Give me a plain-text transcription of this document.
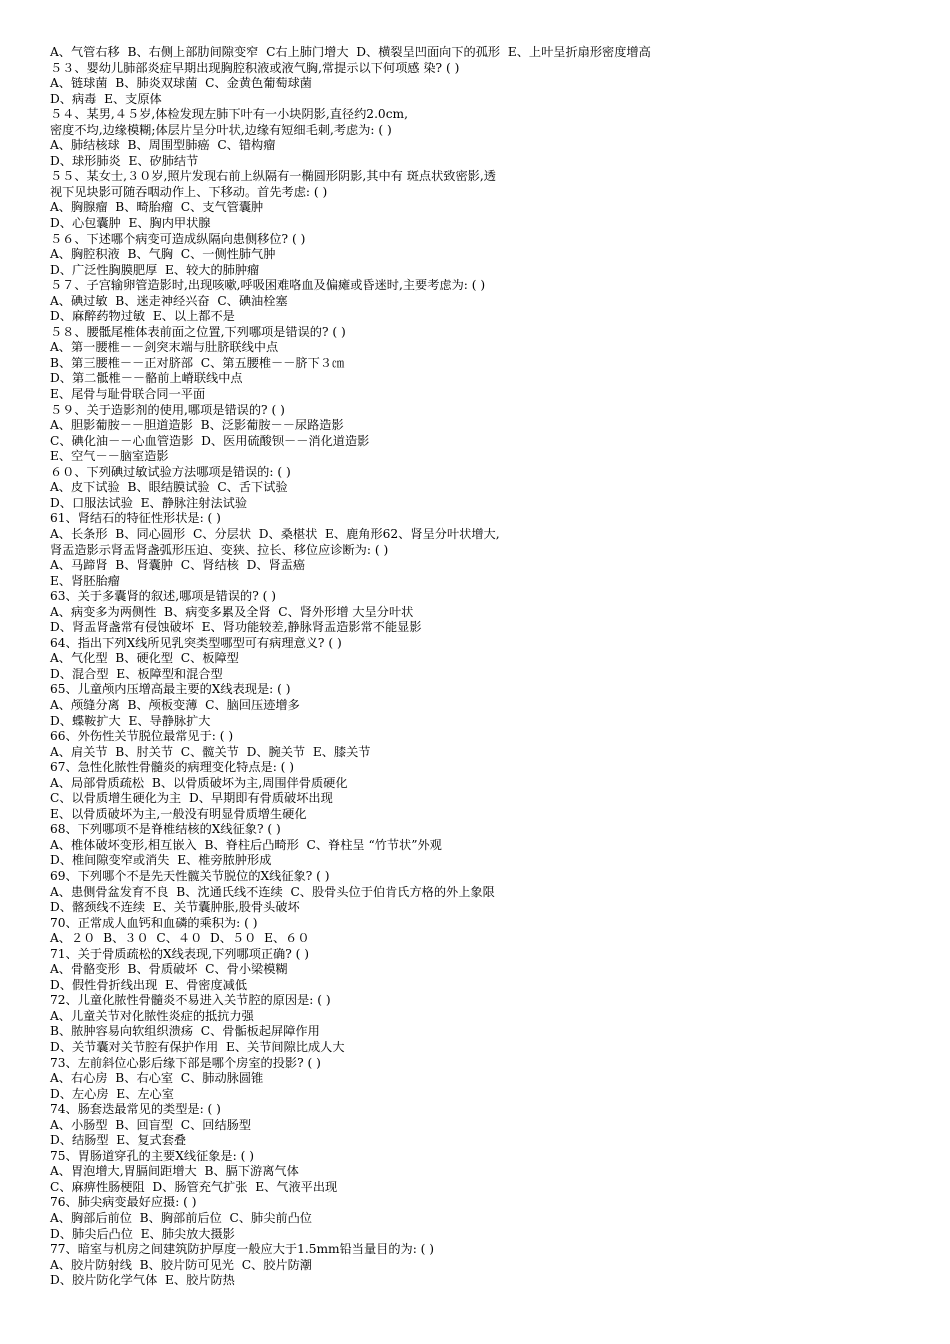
A、气管右移  B、右侧上部肋间隙变窄  C右上肺门增大  D、横裂呈凹面向下的孤形  E、上叶呈折扇形密度增高
５３、婴幼儿肺部炎症早期出现胸腔积液或液气胸,常提示以下何项感 染? ( )
A、链球菌  B、肺炎双球菌  C、金黄色葡萄球菌
D、病毒  E、支原体
５４、某男,４５岁,体检发现左肺下叶有一小块阴影,直径约2.0cm,
密度不均,边缘模糊;体层片呈分叶状,边缘有短细毛刺,考虑为: ( )
A、肺结核球  B、周围型肺癌  C、错构瘤
D、球形肺炎  E、矽肺结节
５５、某女士,３０岁,照片发现右前上纵隔有一椭圆形阴影,其中有 斑点状致密影,透
视下见块影可随吞咽动作上、下移动。首先考虑: ( )
A、胸腺瘤  B、畸胎瘤  C、支气管囊肿
D、心包囊肿  E、胸内甲状腺
５６、下述哪个病变可造成纵隔向患侧移位? ( )
A、胸腔积液  B、气胸  C、一侧性肺气肿
D、广泛性胸膜肥厚  E、较大的肺肿瘤
５７、子宫输卵管造影时,出现咳嗽,呼吸困难咯血及偏瘫或昏迷时,主要考虑为: ( )
A、碘过敏  B、迷走神经兴奋  C、碘油栓塞
D、麻醉药物过敏  E、以上都不是
５８、腰骶尾椎体表前面之位置,下列哪项是错误的? ( )
A、第一腰椎－－剑突末端与肚脐联线中点
B、第三腰椎－－正对脐部  C、第五腰椎－－脐下３㎝
D、第二骶椎－－骼前上嵴联线中点
E、尾骨与耻骨联合同一平面
５９、关于造影剂的使用,哪项是错误的? ( )
A、胆影葡胺－－胆道造影  B、泛影葡胺－－尿路造影
C、碘化油－－心血管造影  D、医用硫酸钡－－消化道造影
E、空气－－脑室造影
６０、下列碘过敏试验方法哪项是错误的: ( )
A、皮下试验  B、眼结膜试验  C、舌下试验
D、口服法试验  E、静脉注射法试验
61、肾结石的特征性形状是: ( )
A、长条形  B、同心圆形  C、分层状  D、桑椹状  E、鹿角形62、肾呈分叶状增大,
肾盂造影示肾盂肾盏弧形压迫、变狭、拉长、移位应诊断为: ( )
A、马蹄肾  B、肾囊肿  C、肾结核  D、肾盂癌
E、肾胚胎瘤
63、关于多囊肾的叙述,哪项是错误的? ( )
A、病变多为两侧性  B、病变多累及全肾  C、肾外形增 大呈分叶状
D、肾盂肾盏常有侵蚀破坏  E、肾功能较差,静脉肾盂造影常不能显影
64、指出下列X线所见乳突类型哪型可有病理意义? ( )
A、气化型  B、硬化型  C、板障型
D、混合型  E、板障型和混合型
65、儿童颅内压增高最主要的X线表现是: ( )
A、颅缝分离  B、颅板变薄  C、脑回压迹增多
D、蝶鞍扩大  E、导静脉扩大
66、外伤性关节脱位最常见于: ( )
A、肩关节  B、肘关节  C、髋关节  D、腕关节  E、膝关节
67、急性化脓性骨髓炎的病理变化特点是: ( )
A、局部骨质疏松  B、以骨质破坏为主,周围伴骨质硬化
C、以骨质增生硬化为主  D、早期即有骨质破坏出现
E、以骨质破坏为主,一般没有明显骨质增生硬化
68、下列哪项不是脊椎结核的X线征象? ( )
A、椎体破坏变形,相互嵌入  B、脊柱后凸畸形  C、脊柱呈 “竹节状”外观
D、椎间隙变窄或消失  E、椎旁脓肿形成
69、下列哪个不是先天性髋关节脱位的X线征象? ( )
A、患侧骨盆发育不良  B、沈通氏线不连续  C、股骨头位于伯肯氏方格的外上象限
D、髂颈线不连续  E、关节囊肿胀,股骨头破坏
70、正常成人血钙和血磷的乘积为: ( )
A、２０  B、３０  C、４０  D、５０  E、６０
71、关于骨质疏松的X线表现,下列哪项正确? ( )
A、骨骼变形  B、骨质破坏  C、骨小梁模糊
D、假性骨折线出现  E、骨密度减低
72、儿童化脓性骨髓炎不易进入关节腔的原因是: ( )
A、儿童关节对化脓性炎症的抵抗力强
B、脓肿容易向软组织溃疡  C、骨骺板起屏障作用
D、关节囊对关节腔有保护作用  E、关节间隙比成人大
73、左前斜位心影后缘下部是哪个房室的投影? ( )
A、右心房  B、右心室  C、肺动脉圆锥
D、左心房  E、左心室
74、肠套迭最常见的类型是: ( )
A、小肠型  B、回盲型  C、回结肠型
D、结肠型  E、复式套叠
75、胃肠道穿孔的主要X线征象是: ( )
A、胃泡增大,胃膈间距增大  B、膈下游离气体
C、麻痹性肠梗阻  D、肠管充气扩张  E、气液平出现
76、肺尖病变最好应摄: ( )
A、胸部后前位  B、胸部前后位  C、肺尖前凸位
D、肺尖后凸位  E、肺尖放大摄影
77、暗室与机房之间建筑防护厚度一般应大于1.5mm铅当量目的为: ( )
A、胶片防射线  B、胶片防可见光  C、胶片防潮
D、胶片防化学气体  E、胶片防热
